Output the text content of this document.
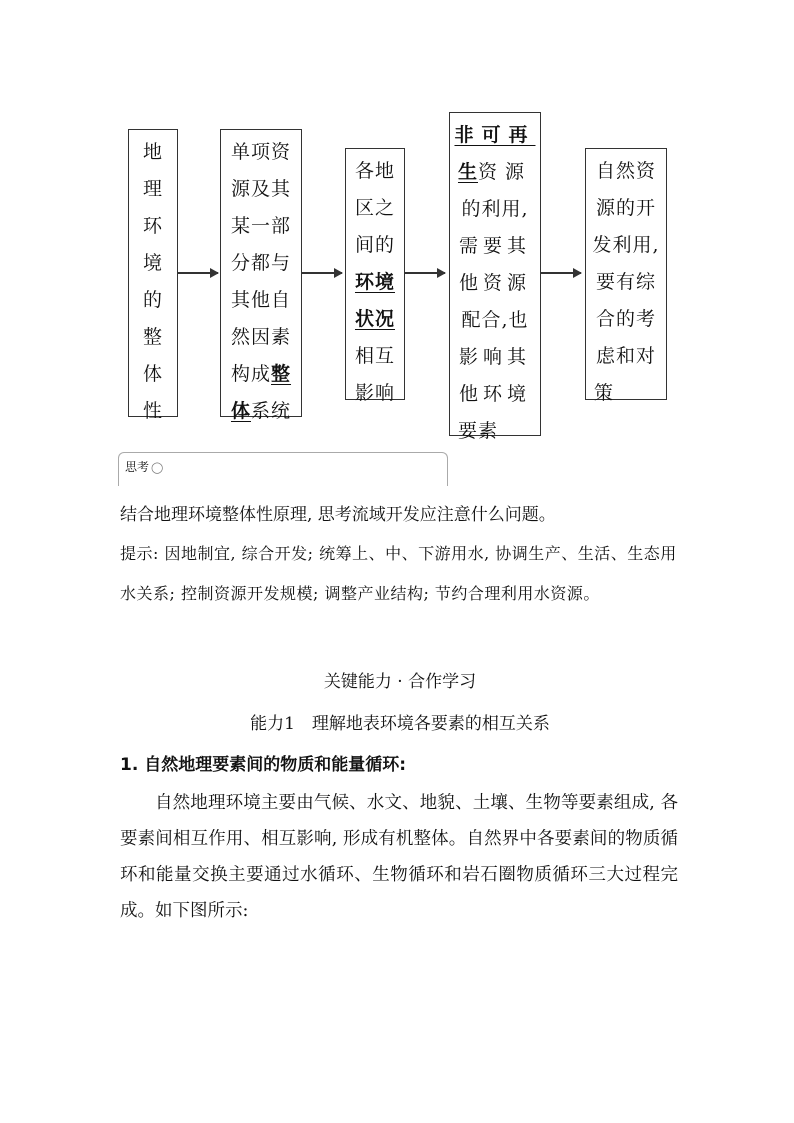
地
理
环
境
的
整
体
性
单项资
源及其
某一部
分都与
其他自
然因素
构成整
体系统
各地
区之
间的
环境
状况
相互
影响
非可再
生资源
的利用,
需要其
他资源
配合,也
影响其
他环境
要素
自然资
源的开
发利用,
要有综
合的考
虑和对
策
思考 ◯
结合地理环境整体性原理, 思考流域开发应注意什么问题。
提示: 因地制宜, 综合开发; 统筹上、中、下游用水, 协调生产、生活、生态用水关系; 控制资源开发规模; 调整产业结构; 节约合理利用水资源。
关键能力 · 合作学习
能力1　理解地表环境各要素的相互关系
1. 自然地理要素间的物质和能量循环:
自然地理环境主要由气候、水文、地貌、土壤、生物等要素组成, 各要素间相互作用、相互影响, 形成有机整体。自然界中各要素间的物质循环和能量交换主要通过水循环、生物循环和岩石圈物质循环三大过程完成。如下图所示:
